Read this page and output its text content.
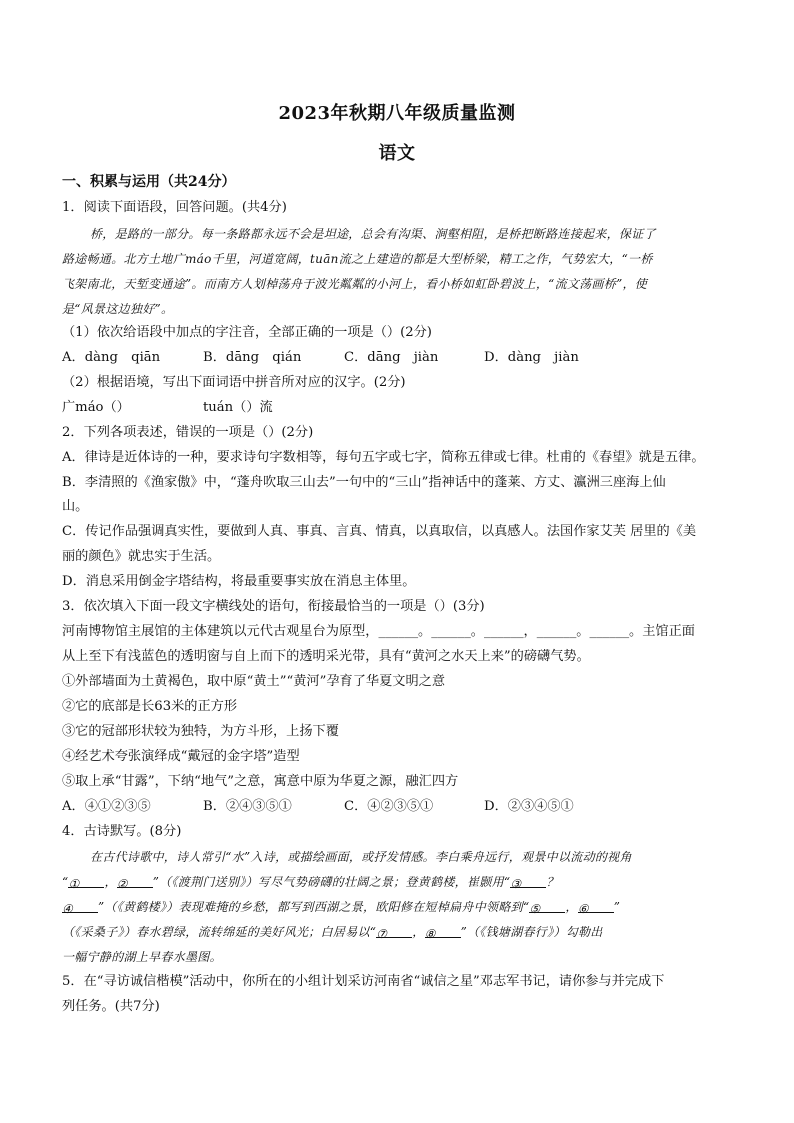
2023年秋期八年级质量监测
语文
一、积累与运用（共24分）
1．阅读下面语段，回答问题。(共4分)
桥，是路的一部分。每一条路都永远不会是坦途，总会有沟渠、涧壑相阻，是桥把断路连接起来，保证了
路途畅通。北方土地广máo千里，河道宽阔，tuān流之上建造的都是大型桥梁，精工之作，气势宏大，“一桥
飞架南北，天堑变通途”。而南方人划棹荡舟于波光粼粼的小河上，看小桥如虹卧碧波上，“流文荡画桥”，使
是“风景这边独好”。
（1）依次给语段中加点的字注音，全部正确的一项是（）(2分)
A．dàng　qiān	B．dāng　qián	C．dāng　jiàn	D．dàng　jiàn
（2）根据语境，写出下面词语中拼音所对应的汉字。(2分)
广máo（）	tuán（）流
2．下列各项表述，错误的一项是（）(2分)
A．律诗是近体诗的一种，要求诗句字数相等，每句五字或七字，简称五律或七律。杜甫的《春望》就是五律。
B．李清照的《渔家傲》中，“蓬舟吹取三山去”一句中的“三山”指神话中的蓬莱、方丈、瀛洲三座海上仙
山。
C．传记作品强调真实性，要做到人真、事真、言真、情真，以真取信，以真感人。法国作家艾芙 居里的《美
丽的颜色》就忠实于生活。
D．消息采用倒金字塔结构，将最重要事实放在消息主体里。
3．依次填入下面一段文字横线处的语句，衔接最恰当的一项是（）(3分)
河南博物馆主展馆的主体建筑以元代古观星台为原型，______。______。______，______。______。主馆正面
从上至下有浅蓝色的透明窗与自上而下的透明采光带，具有“黄河之水天上来”的磅礴气势。
①外部墙面为土黄褐色，取中原“黄土”“黄河”孕育了华夏文明之意
②它的底部是长63米的正方形
③它的冠部形状较为独特，为方斗形，上扬下覆
④经艺术夸张演绎成“戴冠的金字塔”造型
⑤取上承“甘露”，下纳“地气”之意，寓意中原为华夏之源，融汇四方
A．④①②③⑤	B．②④③⑤①	C．④②③⑤①	D．②③④⑤①
4．古诗默写。(8分)
在古代诗歌中，诗人常引“水”入诗，或描绘画面，或抒发情感。李白乘舟远行，观景中以流动的视角
“① ，② ”（《渡荆门送别》）写尽气势磅礴的壮阔之景；登黄鹤楼，崔颢用“③ ？
④ ”（《黄鹤楼》）表现难掩的乡愁，都写到西湖之景，欧阳修在短棹扁舟中领略到“⑤ ，⑥ ”
（《采桑子》）春水碧绿，流转绵延的美好风光；白居易以“⑦ ，⑧ ”（《钱塘湖春行》）勾勒出
一幅宁静的湖上早春水墨图。
5．在“寻访诚信楷模”活动中，你所在的小组计划采访河南省“诚信之星”邓志军书记，请你参与并完成下
列任务。(共7分)
